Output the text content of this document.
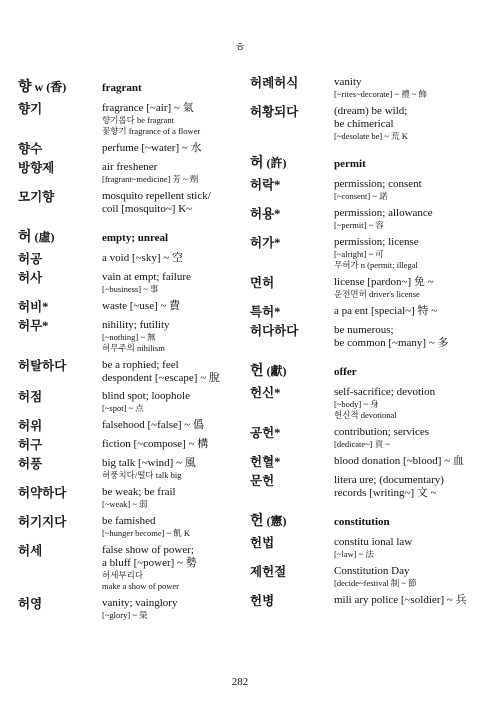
ㅎ
향 w (香)	fragrant
향기	fragrance [~air] ~ 氣
향기롭다 be fragrant
꽃향기 fragrance of a flower
향수	perfume [~water] ~ 水
방향제	air freshener
[fragrant~medicine] 芳 ~ 劑
모기향	mosquito repellent stick/
coil [mosquito~] K~
허 (虛)	empty; unreal
허공	a void [~sky] ~ 空
허사	vain at empt; failure
[~business] ~ 事
허비*	waste [~use] ~ 費
허무*	nihility; futility
[~nothing] ~ 無
허무주의 nihilism
허탈하다	be a rophied; feel
despondent [~escape] ~ 脫
허점	blind spot; loophole
[~spot] ~ 点
허위	falsehood [~false] ~ 僞
허구	fiction [~compose] ~ 構
허풍	big talk [~wind] ~ 風
허풍치다/떨다 talk big
허약하다	be weak; be frail
[~weak] ~ 弱
허기지다	be famished
[~hunger become] ~ 飢 K
허세	false show of power;
a bluff [~power] ~ 勢
허세부리다
make a show of power
허영	vanity; vainglory
[~glory] ~ 榮
허례허식	vanity
[~rites~decorate] ~ 禮 ~ 飾
허황되다	(dream) be wild;
be chimerical
[~desolate be] ~ 荒 K
허 (許)	permit
허락*	permission; consent
[~consent] ~ 諾
허용*	permission; allowance
[~permit] ~ 容
허가*	permission; license
[~alright] ~ 可
무허가 n (permit; illegal
면허	license [pardon~] 免 ~
운전면허 driver's license
특허*	a pa ent [special~] 特 ~
허다하다	be numerous;
be common [~many] ~ 多
헌 (獻)	offer
헌신*	self-sacrifice; devotion
[~body] ~ 身
헌신적 devotional
공헌*	contribution; services
[dedicate~] 貢 ~
헌혈*	blood donation [~blood] ~ 血
문헌	litera ure; (documentary)
records [writing~] 文 ~
헌 (憲)	constitution
헌법	constitu ional law
[~law] ~ 法
제헌절	Constitution Day
[decide~festival 制 ~ 節
헌병	mili ary police [~soldier] ~ 兵
282
